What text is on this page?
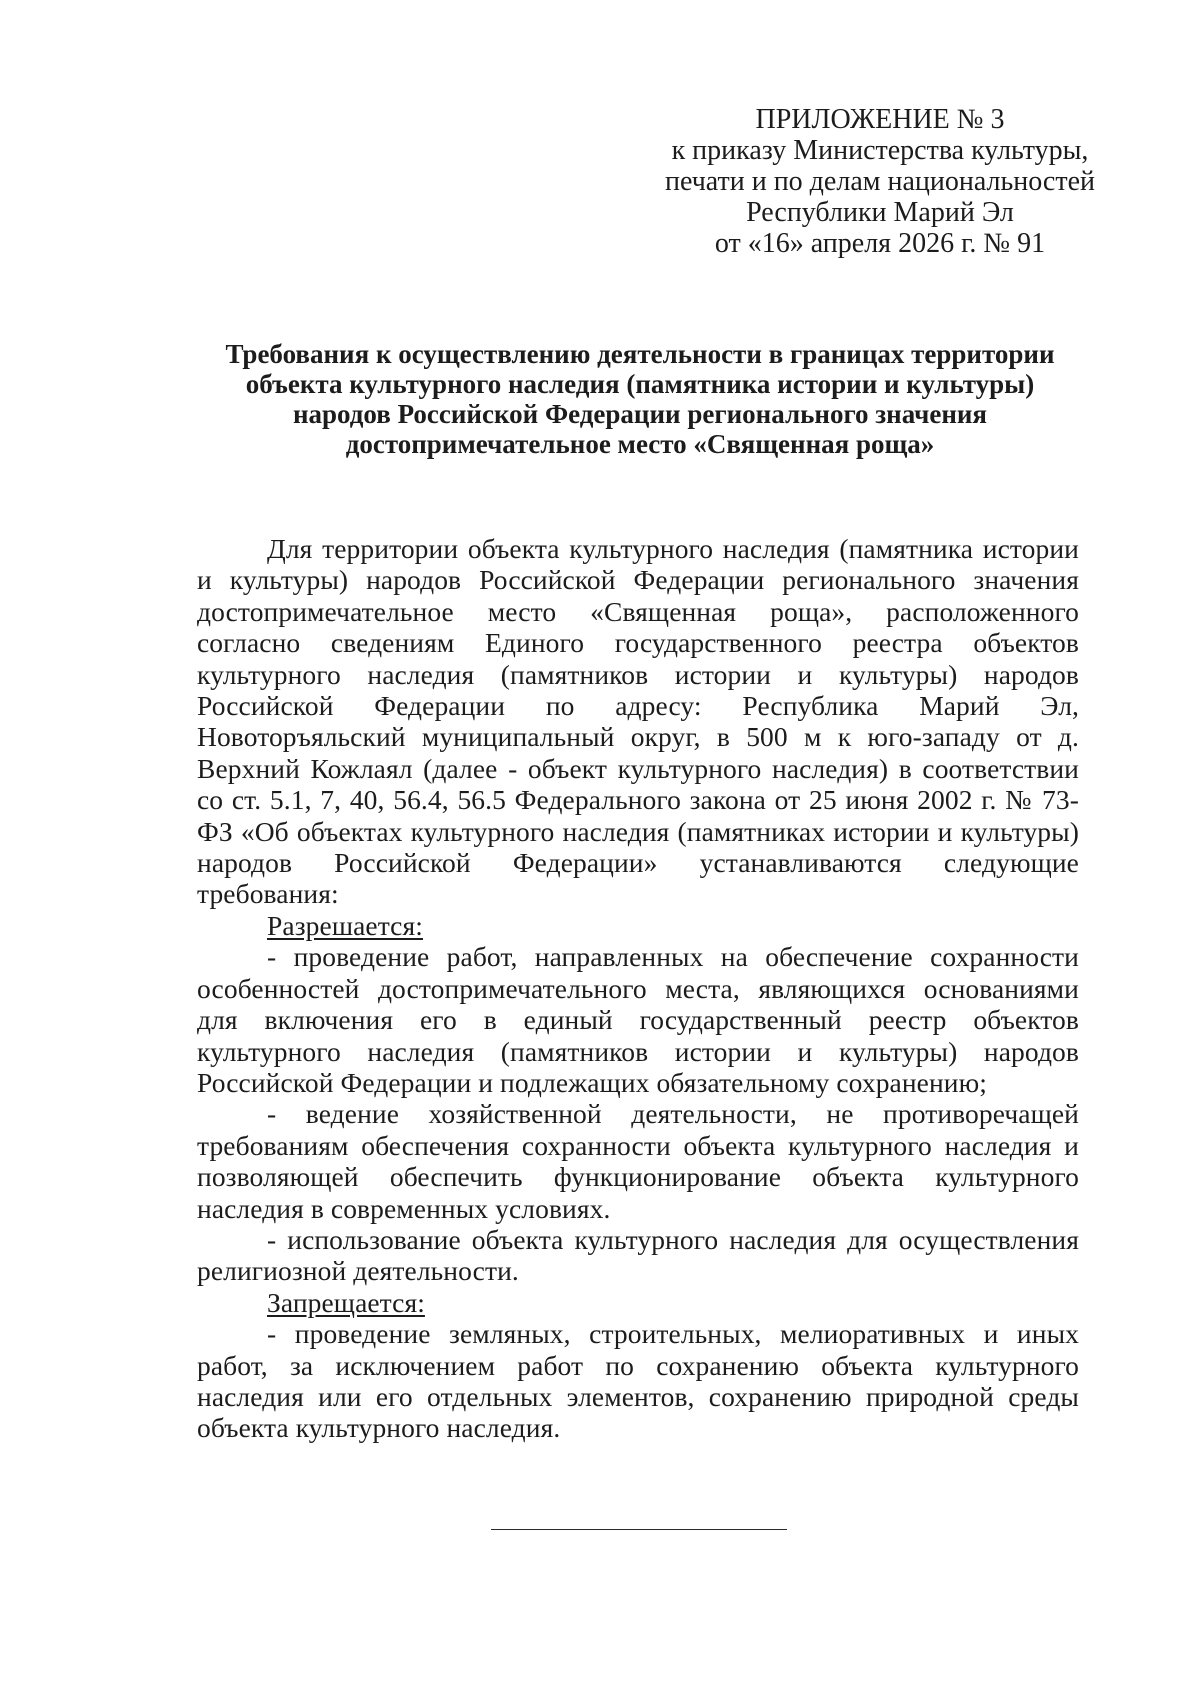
ПРИЛОЖЕНИЕ № 3
к приказу Министерства культуры,
печати и по делам национальностей
Республики Марий Эл
от «16» апреля 2026 г. № 91
Требования к осуществлению деятельности в границах территории
объекта культурного наследия (памятника истории и культуры)
народов Российской Федерации регионального значения
достопримечательное место «Священная роща»

Для территории объекта культурного наследия (памятника истории и культуры) народов Российской Федерации регионального значения достопримечательное место «Священная роща», расположенного согласно сведениям Единого государственного реестра объектов культурного наследия (памятников истории и культуры) народов Российской Федерации по адресу: Республика Марий Эл, Новоторъяльский муниципальный округ, в 500 м к юго-западу от д. Верхний Кожлаял (далее - объект культурного наследия) в соответствии со ст. 5.1, 7, 40, 56.4, 56.5 Федерального закона от 25 июня 2002 г. № 73-ФЗ «Об объектах культурного наследия (памятниках истории и культуры) народов Российской Федерации» устанавливаются следующие требования:

Разрешается:

- проведение работ, направленных на обеспечение сохранности особенностей достопримечательного места, являющихся основаниями для включения его в единый государственный реестр объектов культурного наследия (памятников истории и культуры) народов Российской Федерации и подлежащих обязательному сохранению;

- ведение хозяйственной деятельности, не противоречащей требованиям обеспечения сохранности объекта культурного наследия и позволяющей обеспечить функционирование объекта культурного наследия в современных условиях.

- использование объекта культурного наследия для осуществления религиозной деятельности.

Запрещается:

- проведение земляных, строительных, мелиоративных и иных работ, за исключением работ по сохранению объекта культурного наследия или его отдельных элементов, сохранению природной среды объекта культурного наследия.
